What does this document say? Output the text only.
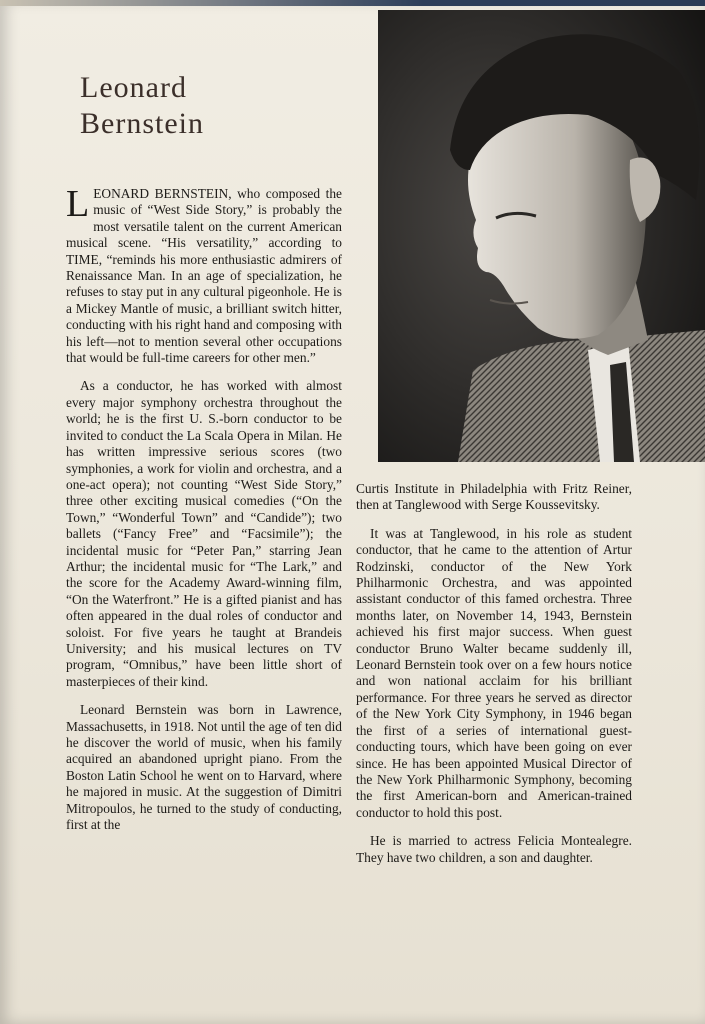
Leonard
Bernstein

LEONARD BERNSTEIN, who composed the music of “West Side Story,” is probably the most versatile talent on the current American musical scene. “His versatility,” according to TIME, “reminds his more enthusiastic admirers of Renaissance Man. In an age of specialization, he refuses to stay put in any cultural pigeonhole. He is a Mickey Mantle of music, a brilliant switch hitter, conducting with his right hand and composing with his left—not to mention several other occupations that would be full-time careers for other men.”

As a conductor, he has worked with almost every major symphony orchestra throughout the world; he is the first U. S.-born conductor to be invited to conduct the La Scala Opera in Milan. He has written impressive serious scores (two symphonies, a work for violin and orchestra, and a one-act opera); not counting “West Side Story,” three other exciting musical comedies (“On the Town,” “Wonderful Town” and “Candide”); two ballets (“Fancy Free” and “Facsimile”); the incidental music for “Peter Pan,” starring Jean Arthur; the incidental music for “The Lark,” and the score for the Academy Award-winning film, “On the Waterfront.” He is a gifted pianist and has often appeared in the dual roles of conductor and soloist. For five years he taught at Brandeis University; and his musical lectures on TV program, “Omnibus,” have been little short of masterpieces of their kind.

Leonard Bernstein was born in Lawrence, Massachusetts, in 1918. Not until the age of ten did he discover the world of music, when his family acquired an abandoned upright piano. From the Boston Latin School he went on to Harvard, where he majored in music. At the suggestion of Dimitri Mitropoulos, he turned to the study of conducting, first at the

Curtis Institute in Philadelphia with Fritz Reiner, then at Tanglewood with Serge Koussevitsky.

It was at Tanglewood, in his role as student conductor, that he came to the attention of Artur Rodzinski, conductor of the New York Philharmonic Orchestra, and was appointed assistant conductor of this famed orchestra. Three months later, on November 14, 1943, Bernstein achieved his first major success. When guest conductor Bruno Walter became suddenly ill, Leonard Bernstein took over on a few hours notice and won national acclaim for his brilliant performance. For three years he served as director of the New York City Symphony, in 1946 began the first of a series of international guest-conducting tours, which have been going on ever since. He has been appointed Musical Director of the New York Philharmonic Symphony, becoming the first American-born and American-trained conductor to hold this post.

He is married to actress Felicia Montealegre. They have two children, a son and daughter.
